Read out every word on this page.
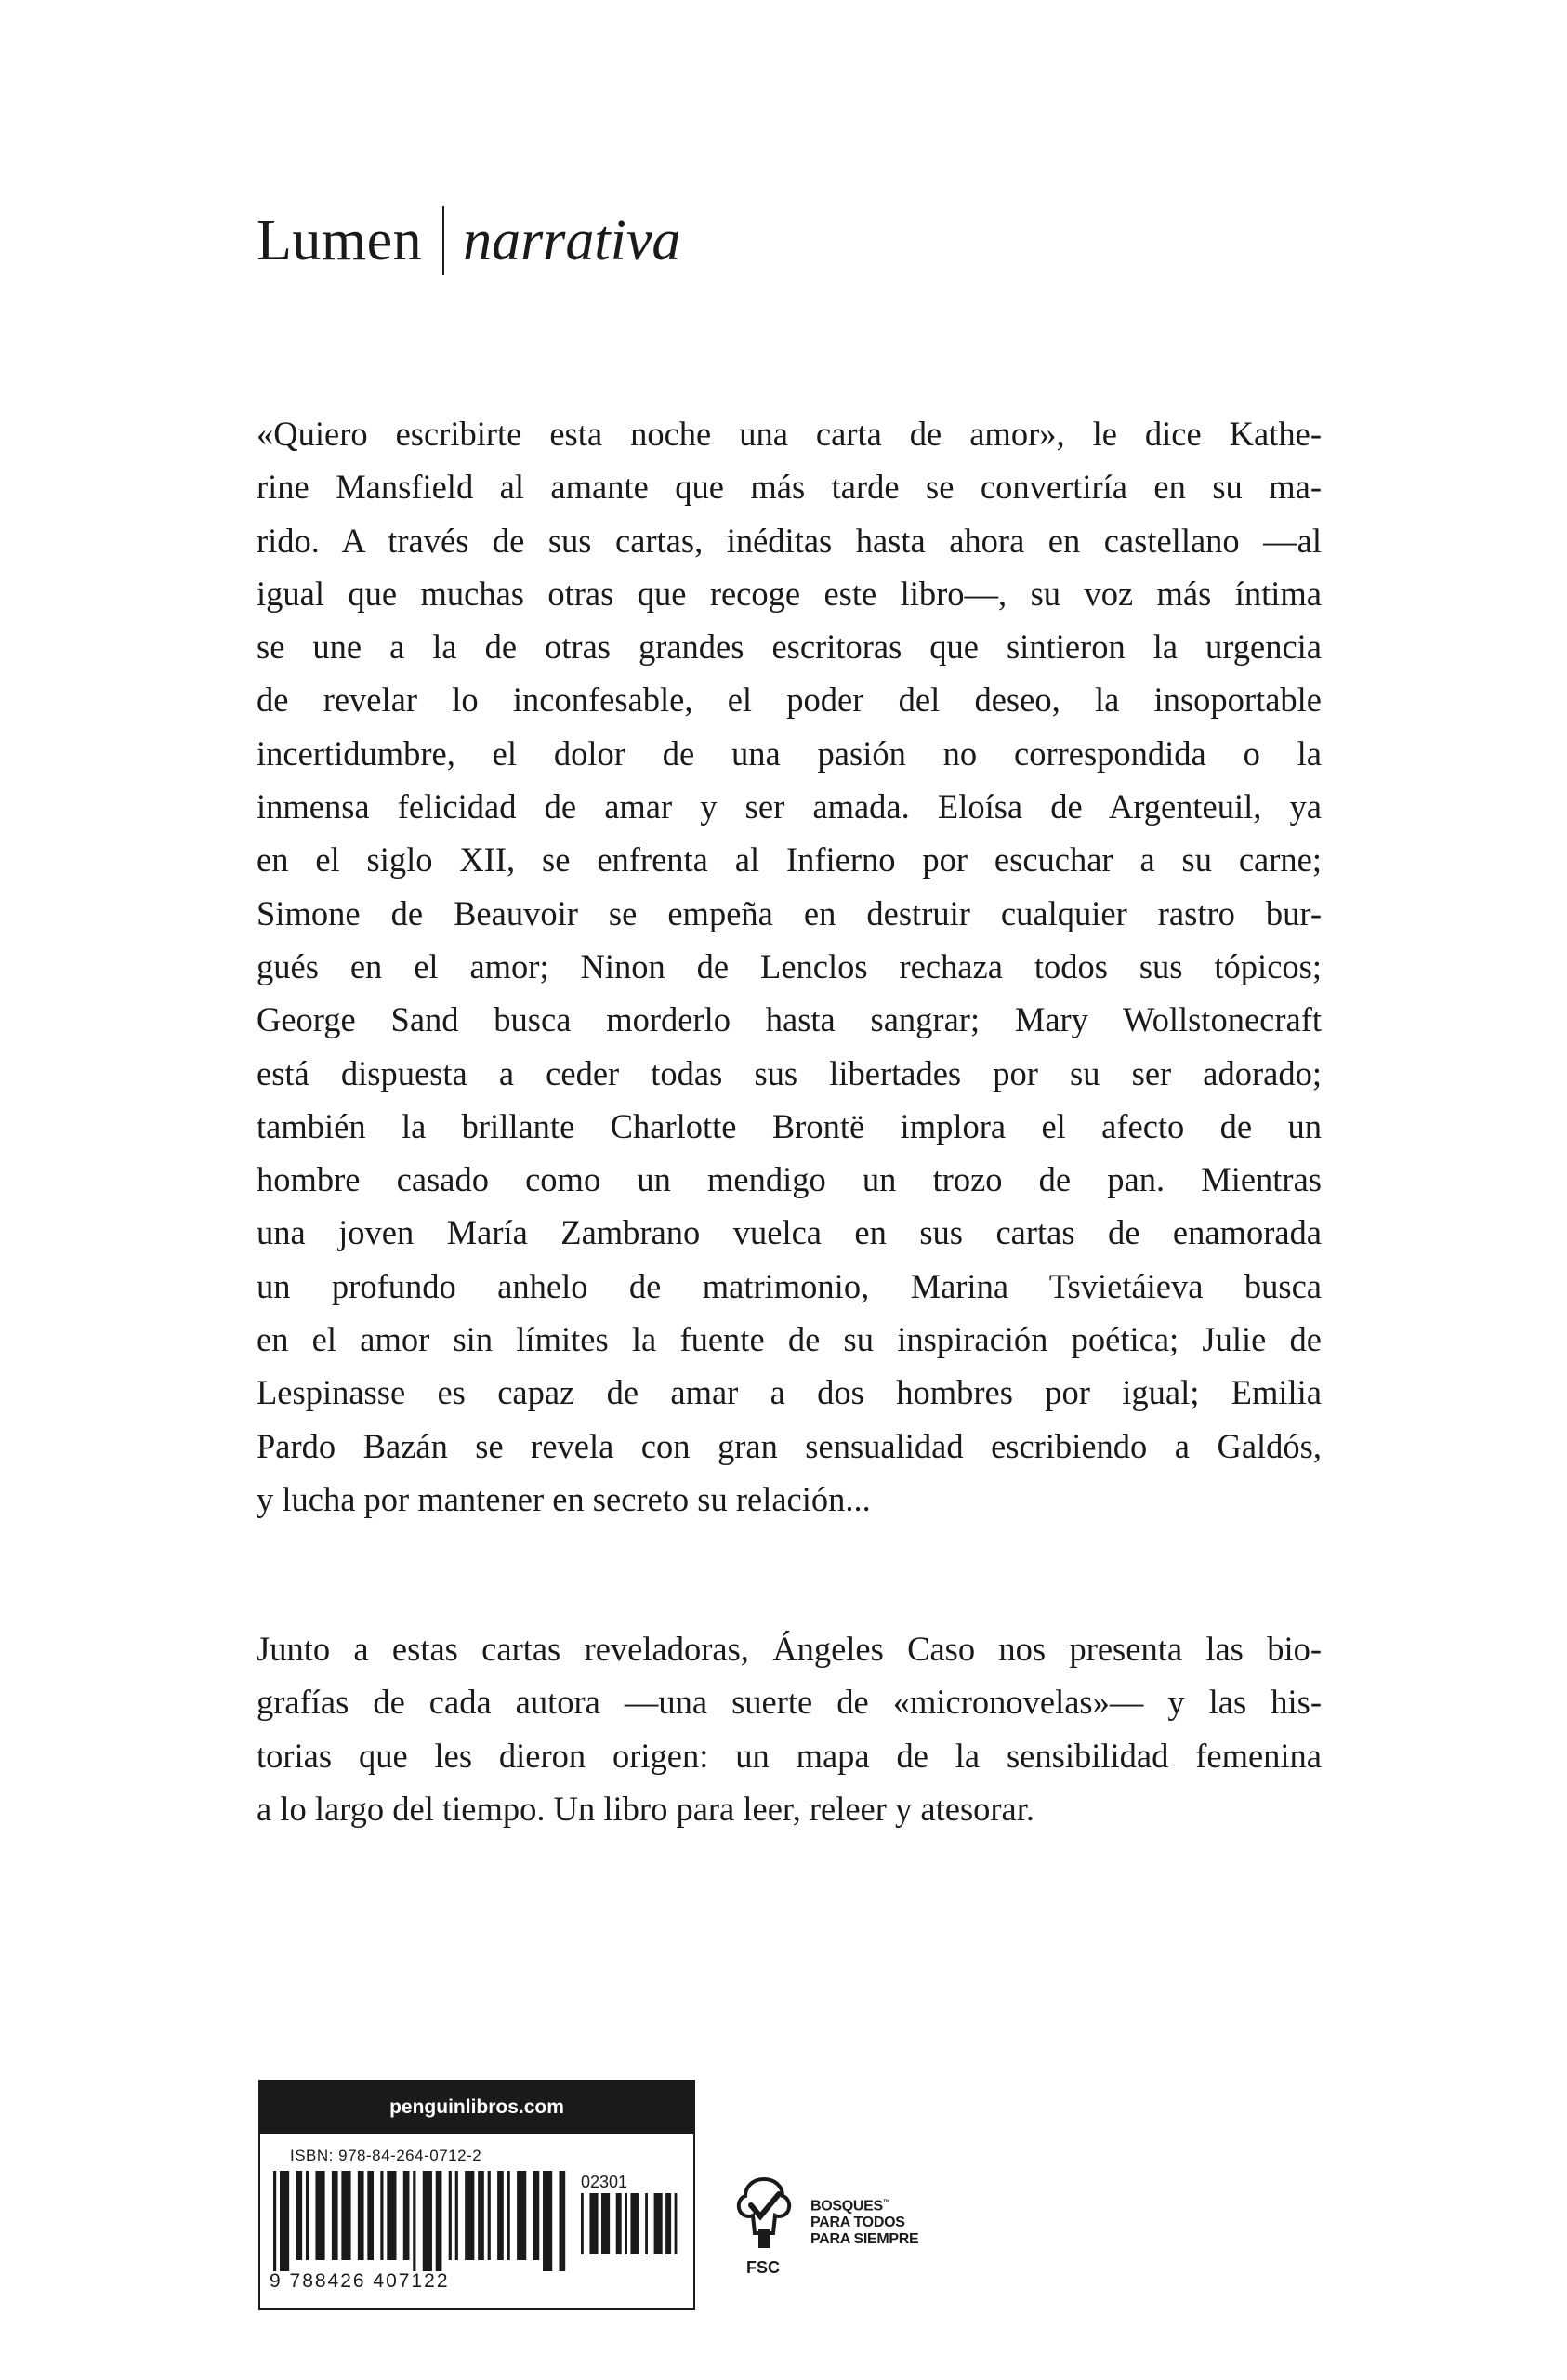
Lumen narrativa

«Quiero escribirte esta noche una carta de amor», le dice Kathe-
rine Mansfield al amante que más tarde se convertiría en su ma-
rido. A través de sus cartas, inéditas hasta ahora en castellano —al
igual que muchas otras que recoge este libro—, su voz más íntima
se une a la de otras grandes escritoras que sintieron la urgencia
de revelar lo inconfesable, el poder del deseo, la insoportable
incertidumbre, el dolor de una pasión no correspondida o la
inmensa felicidad de amar y ser amada. Eloísa de Argenteuil, ya
en el siglo XII, se enfrenta al Infierno por escuchar a su carne;
Simone de Beauvoir se empeña en destruir cualquier rastro bur-
gués en el amor; Ninon de Lenclos rechaza todos sus tópicos;
George Sand busca morderlo hasta sangrar; Mary Wollstonecraft
está dispuesta a ceder todas sus libertades por su ser adorado;
también la brillante Charlotte Brontë implora el afecto de un
hombre casado como un mendigo un trozo de pan. Mientras
una joven María Zambrano vuelca en sus cartas de enamorada
un profundo anhelo de matrimonio, Marina Tsvietáieva busca
en el amor sin límites la fuente de su inspiración poética; Julie de
Lespinasse es capaz de amar a dos hombres por igual; Emilia
Pardo Bazán se revela con gran sensualidad escribiendo a Galdós,
y lucha por mantener en secreto su relación...

Junto a estas cartas reveladoras, Ángeles Caso nos presenta las bio-
grafías de cada autora —una suerte de «micronovelas»— y las his-
torias que les dieron origen: un mapa de la sensibilidad femenina
a lo largo del tiempo. Un libro para leer, releer y atesorar.

penguinlibros.com
ISBN: 978-84-264-0712-2
02301
9 788426 407122
FSC
BOSQUES™
PARA TODOS
PARA SIEMPRE
